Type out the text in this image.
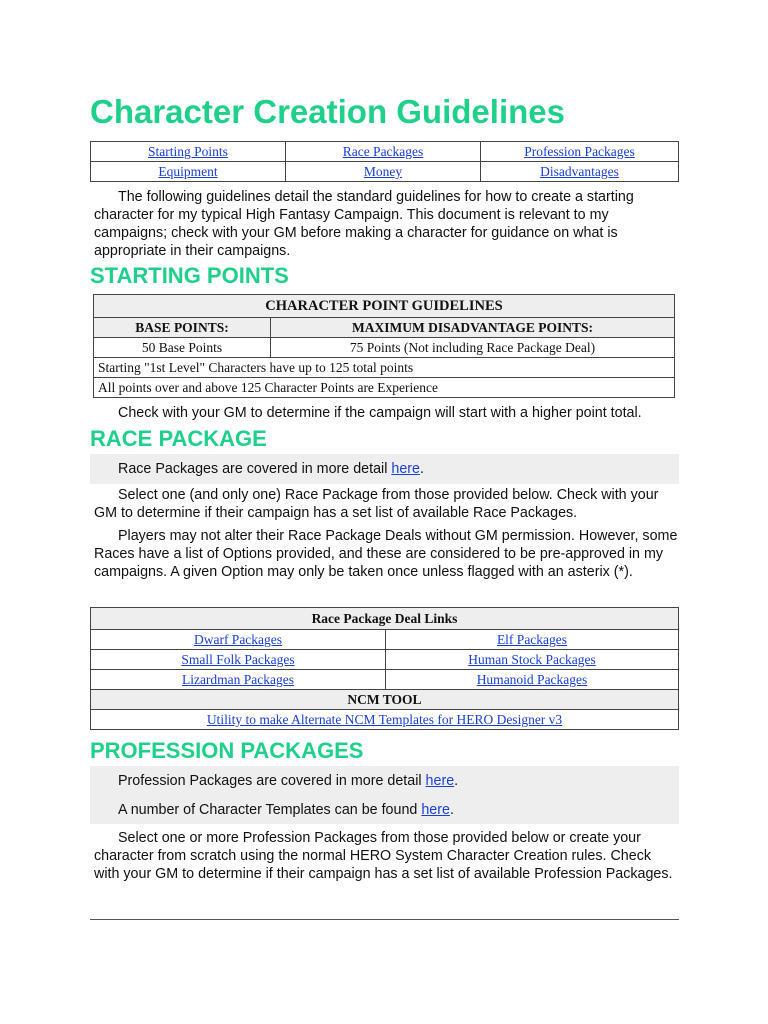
Character Creation Guidelines
Starting Points	Race Packages	Profession Packages
Equipment	Money	Disadvantages

The following guidelines detail the standard guidelines for how to create a starting character for my typical High Fantasy Campaign. This document is relevant to my campaigns; check with your GM before making a character for guidance on what is appropriate in their campaigns.

STARTING POINTS
CHARACTER POINT GUIDELINES	
BASE POINTS:	MAXIMUM DISADVANTAGE POINTS:
50 Base Points	75 Points (Not including Race Package Deal)
Starting "1st Level" Characters have up to 125 total points	
All points over and above 125 Character Points are Experience	

Check with your GM to determine if the campaign will start with a higher point total.

RACE PACKAGE

Race Packages are covered in more detail here.

Select one (and only one) Race Package from those provided below. Check with your GM to determine if their campaign has a set list of available Race Packages.

Players may not alter their Race Package Deals without GM permission. However, some Races have a list of Options provided, and these are considered to be pre-approved in my campaigns. A given Option may only be taken once unless flagged with an asterix (*).

Race Package Deal Links	
Dwarf Packages	Elf Packages
Small Folk Packages	Human Stock Packages
Lizardman Packages	Humanoid Packages
NCM TOOL	
Utility to make Alternate NCM Templates for HERO Designer v3	
PROFESSION PACKAGES

Profession Packages are covered in more detail here.

A number of Character Templates can be found here.

Select one or more Profession Packages from those provided below or create your character from scratch using the normal HERO System Character Creation rules. Check with your GM to determine if their campaign has a set list of available Profession Packages.
